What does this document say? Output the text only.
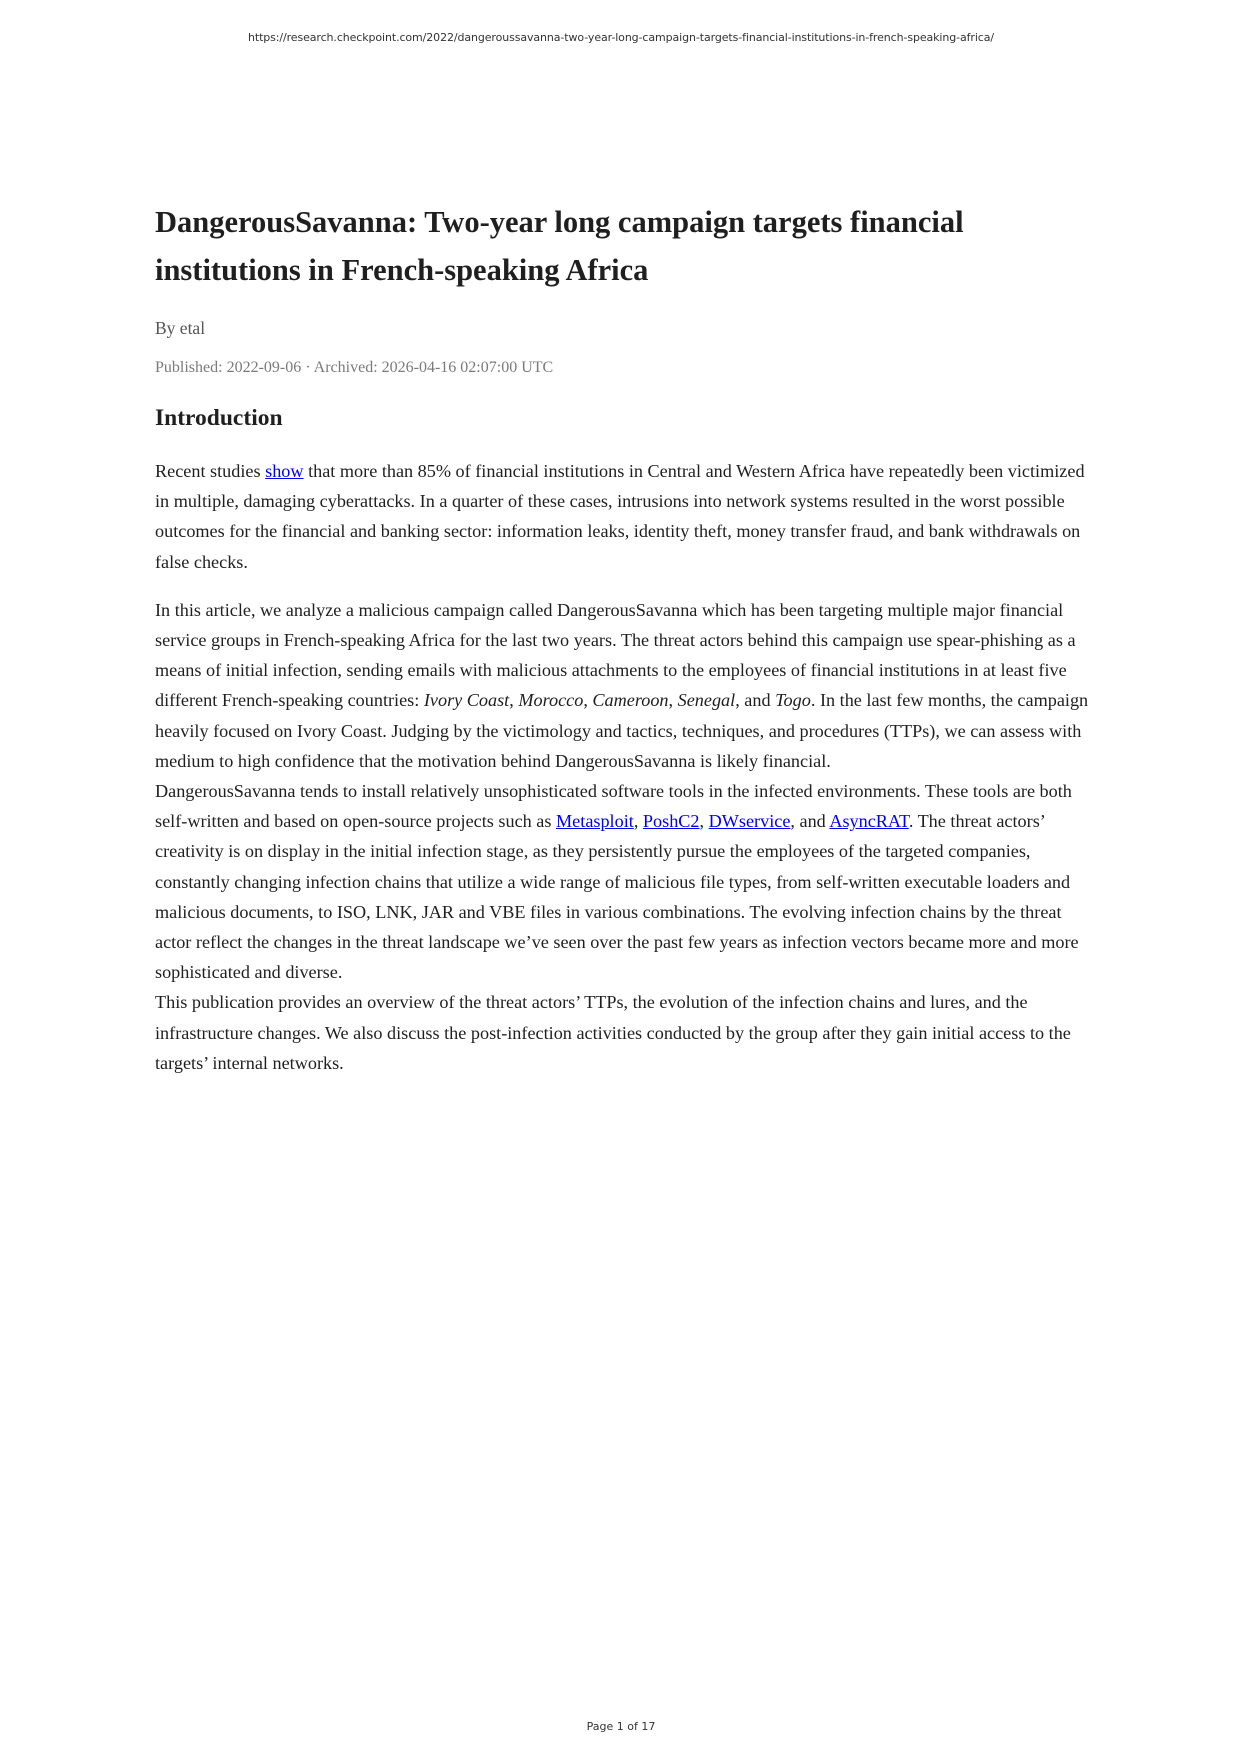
https://research.checkpoint.com/2022/dangeroussavanna-two-year-long-campaign-targets-financial-institutions-in-french-speaking-africa/
DangerousSavanna: Two-year long campaign targets financial institutions in French-speaking Africa
By etal
Published: 2022-09-06 · Archived: 2026-04-16 02:07:00 UTC
Introduction

Recent studies show that more than 85% of financial institutions in Central and Western Africa have repeatedly been victimized in multiple, damaging cyberattacks. In a quarter of these cases, intrusions into network systems resulted in the worst possible outcomes for the financial and banking sector: information leaks, identity theft, money transfer fraud, and bank withdrawals on false checks.

In this article, we analyze a malicious campaign called DangerousSavanna which has been targeting multiple major financial service groups in French-speaking Africa for the last two years. The threat actors behind this campaign use spear-phishing as a means of initial infection, sending emails with malicious attachments to the employees of financial institutions in at least five different French-speaking countries: Ivory Coast, Morocco, Cameroon, Senegal, and Togo. In the last few months, the campaign heavily focused on Ivory Coast. Judging by the victimology and tactics, techniques, and procedures (TTPs), we can assess with medium to high confidence that the motivation behind DangerousSavanna is likely financial.
DangerousSavanna tends to install relatively unsophisticated software tools in the infected environments. These tools are both self-written and based on open-source projects such as Metasploit, PoshC2, DWservice, and AsyncRAT. The threat actors’ creativity is on display in the initial infection stage, as they persistently pursue the employees of the targeted companies, constantly changing infection chains that utilize a wide range of malicious file types, from self-written executable loaders and malicious documents, to ISO, LNK, JAR and VBE files in various combinations. The evolving infection chains by the threat actor reflect the changes in the threat landscape we’ve seen over the past few years as infection vectors became more and more sophisticated and diverse.
This publication provides an overview of the threat actors’ TTPs, the evolution of the infection chains and lures, and the infrastructure changes. We also discuss the post-infection activities conducted by the group after they gain initial access to the targets’ internal networks.

Page 1 of 17
